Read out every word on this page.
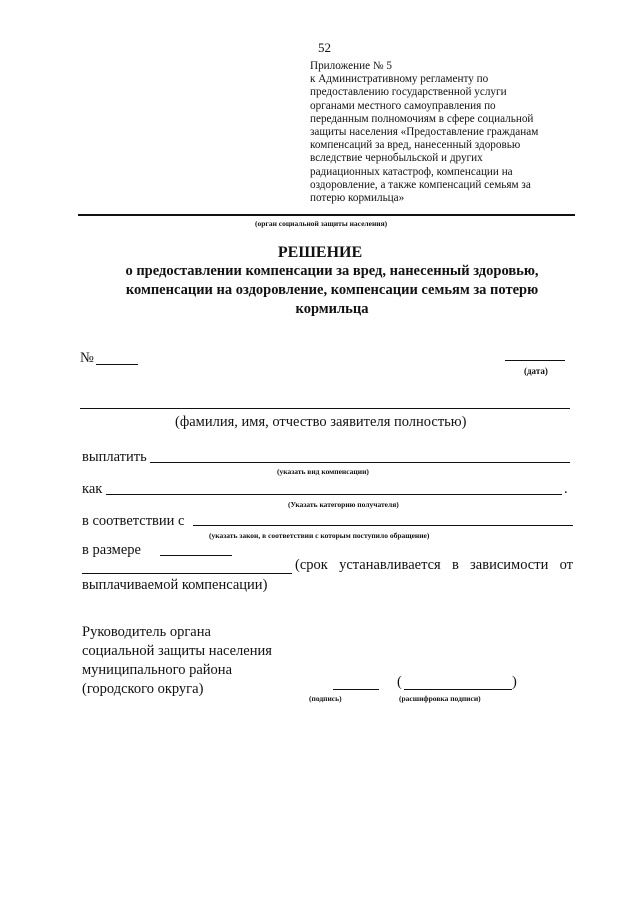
52
Приложение № 5
к Административному регламенту по
предоставлению государственной услуги
органами местного самоуправления по
переданным полномочиям в сфере социальной
защиты населения «Предоставление гражданам
компенсаций за вред, нанесенный здоровью
вследствие чернобыльской и других
радиационных катастроф, компенсации на
оздоровление, а также компенсаций семьям за
потерю кормильца»
(орган социальной защиты населения)
РЕШЕНИЕ
о предоставлении компенсации за вред, нанесенный здоровью,
компенсации на оздоровление, компенсации семьям за потерю
кормильца
№
(дата)
(фамилия, имя, отчество заявителя полностью)
выплатить
(указать вид компенсации)
как	.
(Указать категорию получателя)
в соответствии с
(указать закон, в соответствии с которым поступило обращение)
в размере
(срок устанавливается в зависимости от
выплачиваемой компенсации)
Руководитель органа
социальной защиты населения
муниципального района
(городского округа)
(подпись)
(	)
(расшифровка подписи)
